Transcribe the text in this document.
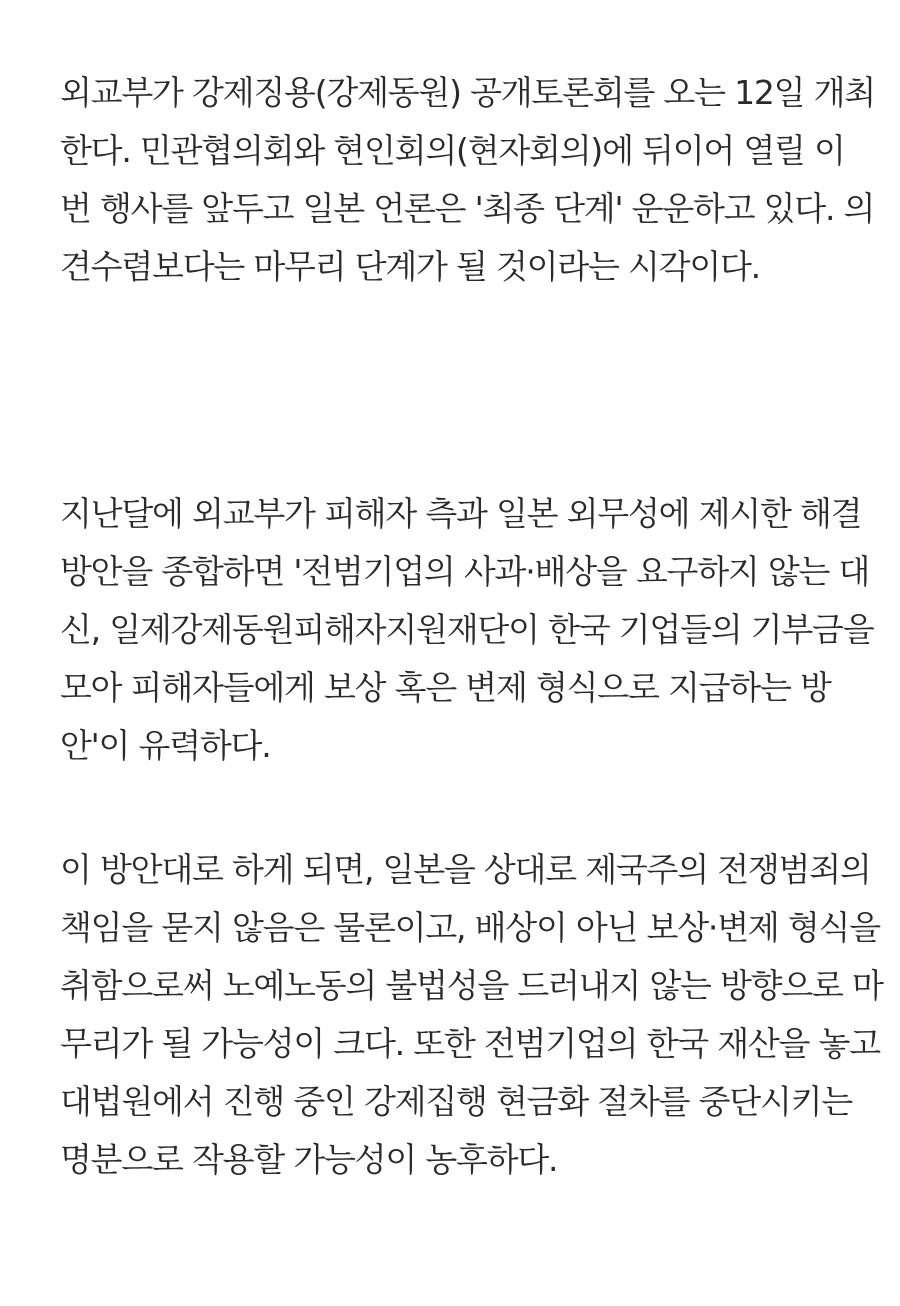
외교부가 강제징용(강제동원) 공개토론회를 오는 12일 개최
한다. 민관협의회와 현인회의(현자회의)에 뒤이어 열릴 이
번 행사를 앞두고 일본 언론은 '최종 단계' 운운하고 있다. 의
견수렴보다는 마무리 단계가 될 것이라는 시각이다.

지난달에 외교부가 피해자 측과 일본 외무성에 제시한 해결
방안을 종합하면 '전범기업의 사과·배상을 요구하지 않는 대
신, 일제강제동원피해자지원재단이 한국 기업들의 기부금을
모아 피해자들에게 보상 혹은 변제 형식으로 지급하는 방
안'이 유력하다.

이 방안대로 하게 되면, 일본을 상대로 제국주의 전쟁범죄의
책임을 묻지 않음은 물론이고, 배상이 아닌 보상·변제 형식을
취함으로써 노예노동의 불법성을 드러내지 않는 방향으로 마
무리가 될 가능성이 크다. 또한 전범기업의 한국 재산을 놓고
대법원에서 진행 중인 강제집행 현금화 절차를 중단시키는
명분으로 작용할 가능성이 농후하다.
